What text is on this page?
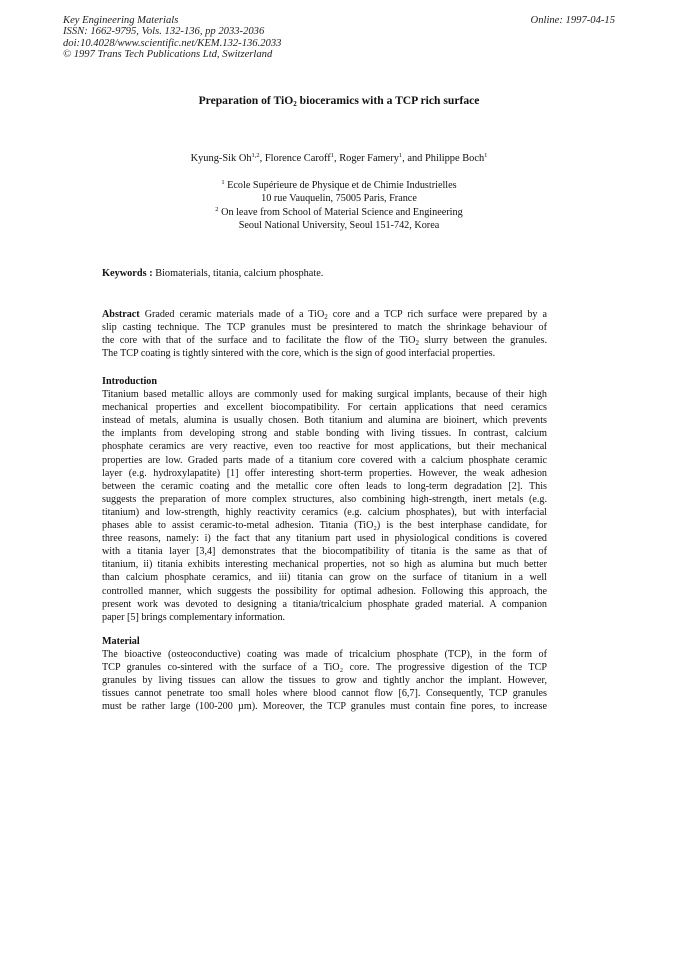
Key Engineering Materials
ISSN: 1662-9795, Vols. 132-136, pp 2033-2036
doi:10.4028/www.scientific.net/KEM.132-136.2033
© 1997 Trans Tech Publications Ltd, Switzerland
Online: 1997-04-15
Preparation of TiO$_2$ bioceramics with a TCP rich surface
Kyung-Sik Oh$^{1,2}$, Florence Caroff$^1$, Roger Famery$^1$, and Philippe Boch$^1$
$^1$ Ecole Supérieure de Physique et de Chimie Industrielles
10 rue Vauquelin, 75005 Paris, France
$^2$ On leave from School of Material Science and Engineering
Seoul National University, Seoul 151-742, Korea
Keywords : Biomaterials, titania, calcium phosphate.
Abstract Graded ceramic materials made of a TiO$_2$ core and a TCP rich surface were prepared by a
slip casting technique. The TCP granules must be presintered to match the shrinkage behaviour of
the core with that of the surface and to facilitate the flow of the TiO$_2$ slurry between the granules.
The TCP coating is tightly sintered with the core, which is the sign of good interfacial properties.
Introduction
Titanium based metallic alloys are commonly used for making surgical implants, because of their high
mechanical properties and excellent biocompatibility. For certain applications that need ceramics
instead of metals, alumina is usually chosen. Both titanium and alumina are bioinert, which prevents
the implants from developing strong and stable bonding with living tissues. In contrast, calcium
phosphate ceramics are very reactive, even too reactive for most applications, but their mechanical
properties are low. Graded parts made of a titanium core covered with a calcium phosphate ceramic
layer (e.g. hydroxylapatite) [1] offer interesting short-term properties. However, the weak adhesion
between the ceramic coating and the metallic core often leads to long-term degradation [2]. This
suggests the preparation of more complex structures, also combining high-strength, inert metals (e.g.
titanium) and low-strength, highly reactivity ceramics (e.g. calcium phosphates), but with interfacial
phases able to assist ceramic-to-metal adhesion. Titania (TiO₂) is the best interphase candidate, for
three reasons, namely: i) the fact that any titanium part used in physiological conditions is covered
with a titania layer [3,4] demonstrates that the biocompatibility of titania is the same as that of
titanium, ii) titania exhibits interesting mechanical properties, not so high as alumina but much better
than calcium phosphate ceramics, and iii) titania can grow on the surface of titanium in a well
controlled manner, which suggests the possibility for optimal adhesion. Following this approach, the
present work was devoted to designing a titania/tricalcium phosphate graded material. A companion
paper [5] brings complementary information.
Material
The bioactive (osteoconductive) coating was made of tricalcium phosphate (TCP), in the form of
TCP granules co-sintered with the surface of a TiO₂ core. The progressive digestion of the TCP
granules by living tissues can allow the tissues to grow and tightly anchor the implant. However,
tissues cannot penetrate too small holes where blood cannot flow [6,7]. Consequently, TCP granules
must be rather large (100-200 µm). Moreover, the TCP granules must contain fine pores, to increase
